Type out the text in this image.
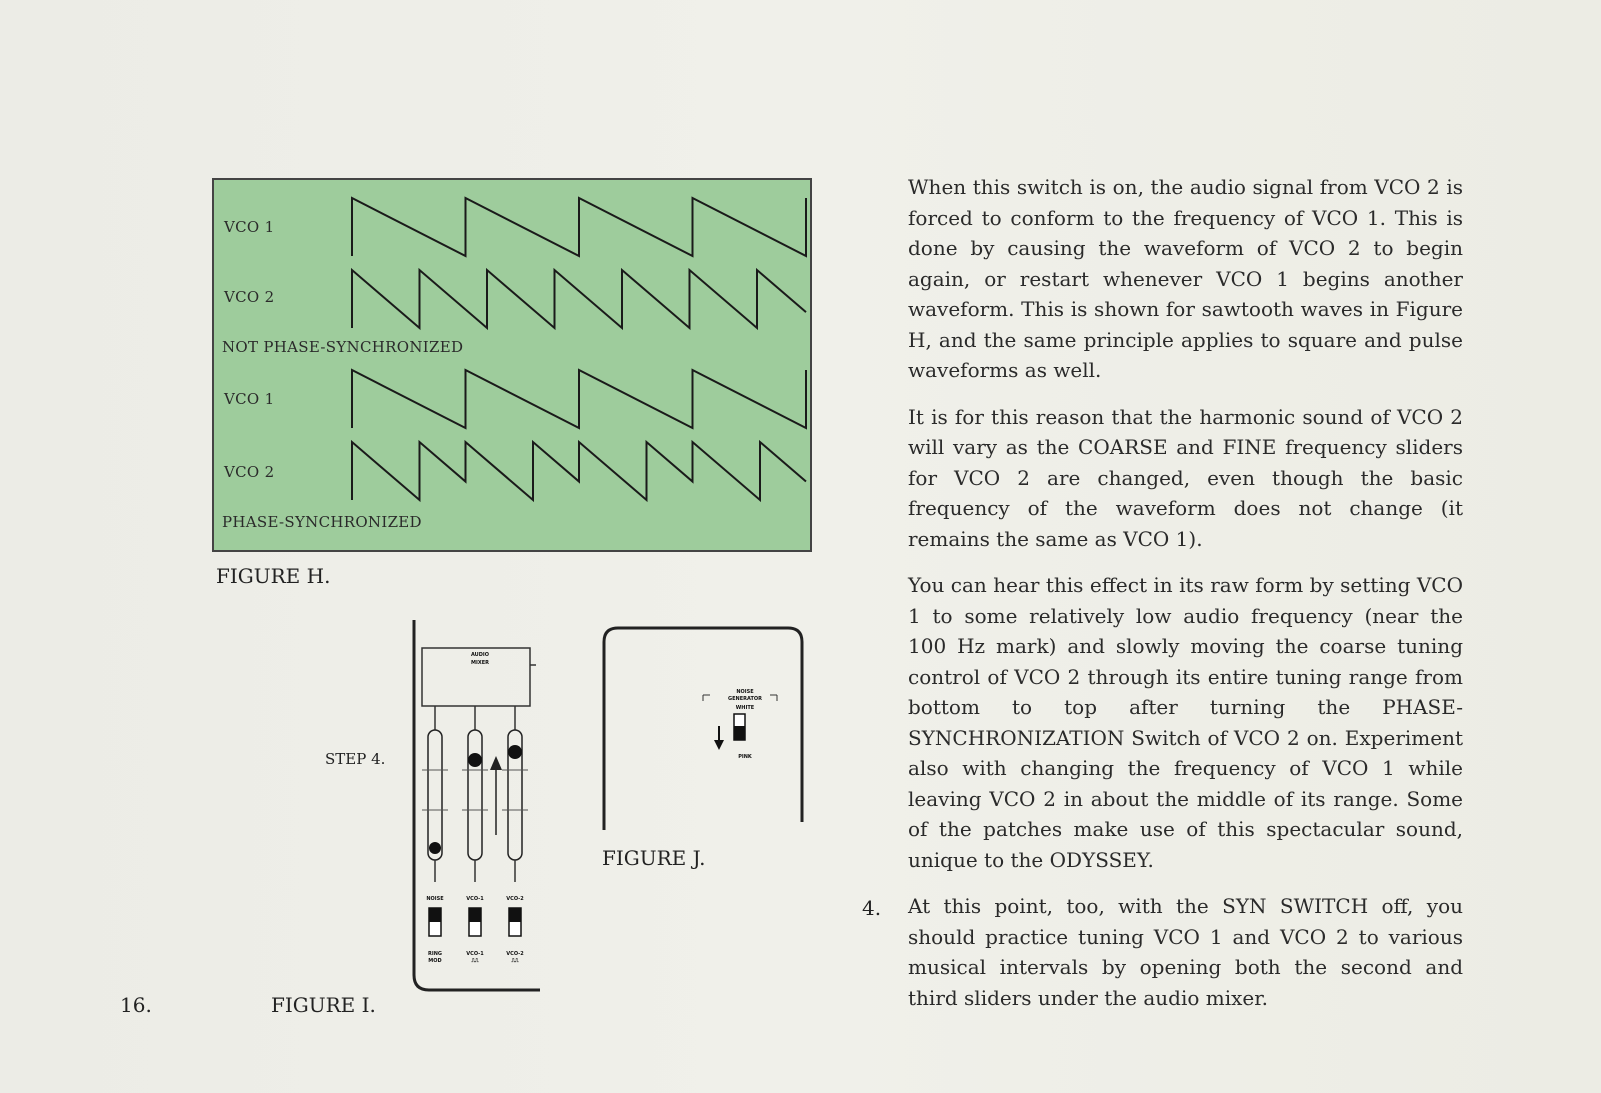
VCO 1
VCO 2
NOT PHASE-SYNCHRONIZED
VCO 1
VCO 2
PHASE-SYNCHRONIZED
FIGURE H.
STEP 4.
AUDIO
MIXER
NOISE	VCO-1	VCO-2
RING
MOD
VCO-1
⎍⎍
VCO-2
⎍⎍
FIGURE I.
NOISE
GENERATOR
WHITE
PINK
FIGURE J.

When this switch is on, the audio signal from VCO 2 is forced to conform to the frequency of VCO 1. This is done by causing the waveform of VCO 2 to begin again, or restart whenever VCO 1 begins another waveform. This is shown for sawtooth waves in Figure H, and the same principle applies to square and pulse waveforms as well.

It is for this reason that the harmonic sound of VCO 2 will vary as the COARSE and FINE frequency sliders for VCO 2 are changed, even though the basic frequency of the waveform does not change (it remains the same as VCO 1).

You can hear this effect in its raw form by setting VCO 1 to some relatively low audio frequency (near the 100 Hz mark) and slowly moving the coarse tuning control of VCO 2 through its entire tuning range from bottom to top after turning the PHASE-SYNCHRONIZATION Switch of VCO 2 on. Experiment also with changing the frequency of VCO 1 while leaving VCO 2 in about the middle of its range. Some of the patches make use of this spectacular sound, unique to the ODYSSEY.

4. At this point, too, with the SYN SWITCH off, you should practice tuning VCO 1 and VCO 2 to various musical intervals by opening both the second and third sliders under the audio mixer.
16.
